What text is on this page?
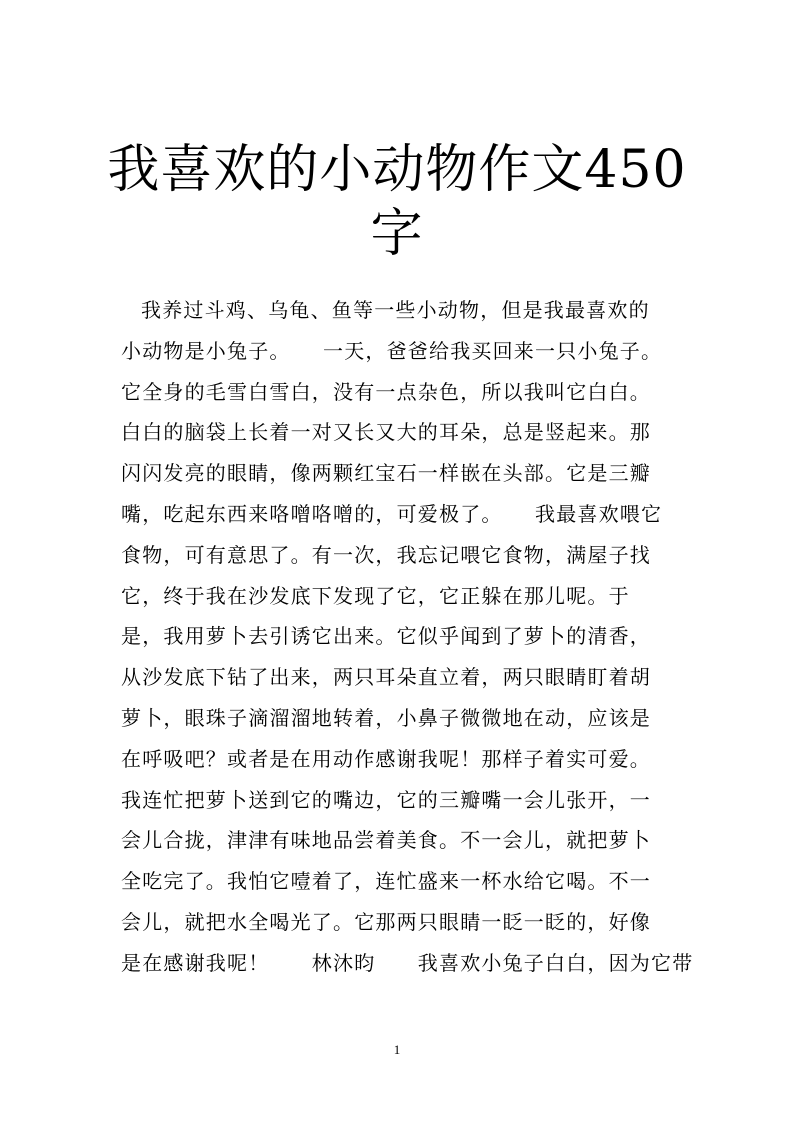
我喜欢的小动物作文450
字
我养过斗鸡、乌龟、鱼等一些小动物，但是我最喜欢的
小动物是小兔子。　　一天，爸爸给我买回来一只小兔子。
它全身的毛雪白雪白，没有一点杂色，所以我叫它白白。
白白的脑袋上长着一对又长又大的耳朵，总是竖起来。那
闪闪发亮的眼睛，像两颗红宝石一样嵌在头部。它是三瓣
嘴，吃起东西来咯噌咯噌的，可爱极了。　　我最喜欢喂它
食物，可有意思了。有一次，我忘记喂它食物，满屋子找
它，终于我在沙发底下发现了它，它正躲在那儿呢。于
是，我用萝卜去引诱它出来。它似乎闻到了萝卜的清香，
从沙发底下钻了出来，两只耳朵直立着，两只眼睛盯着胡
萝卜，眼珠子滴溜溜地转着，小鼻子微微地在动，应该是
在呼吸吧？或者是在用动作感谢我呢！那样子着实可爱。
我连忙把萝卜送到它的嘴边，它的三瓣嘴一会儿张开，一
会儿合拢，津津有味地品尝着美食。不一会儿，就把萝卜
全吃完了。我怕它噎着了，连忙盛来一杯水给它喝。不一
会儿，就把水全喝光了。它那两只眼睛一眨一眨的，好像
是在感谢我呢！　　林沐昀　　我喜欢小兔子白白，因为它带
1
